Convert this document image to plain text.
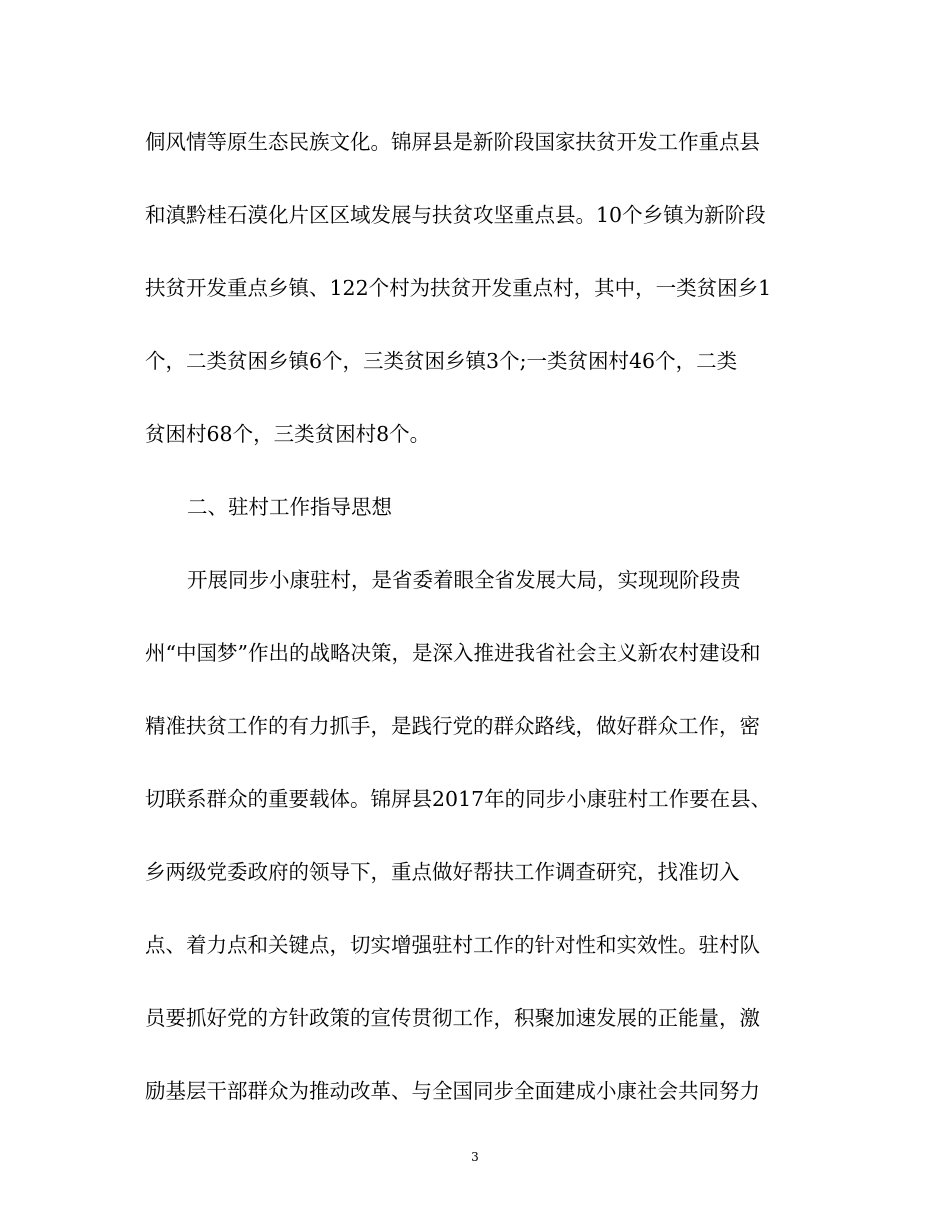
侗风情等原生态民族文化。锦屏县是新阶段国家扶贫开发工作重点县
和滇黔桂石漠化片区区域发展与扶贫攻坚重点县。10个乡镇为新阶段
扶贫开发重点乡镇、122个村为扶贫开发重点村，其中，一类贫困乡1
个，二类贫困乡镇6个，三类贫困乡镇3个;一类贫困村46个，二类
贫困村68个，三类贫困村8个。
二、驻村工作指导思想
开展同步小康驻村，是省委着眼全省发展大局，实现现阶段贵
州“中国梦”作出的战略决策，是深入推进我省社会主义新农村建设和
精准扶贫工作的有力抓手，是践行党的群众路线，做好群众工作，密
切联系群众的重要载体。锦屏县2017年的同步小康驻村工作要在县、
乡两级党委政府的领导下，重点做好帮扶工作调查研究，找准切入
点、着力点和关键点，切实增强驻村工作的针对性和实效性。驻村队
员要抓好党的方针政策的宣传贯彻工作，积聚加速发展的正能量，激
励基层干部群众为推动改革、与全国同步全面建成小康社会共同努力
3
